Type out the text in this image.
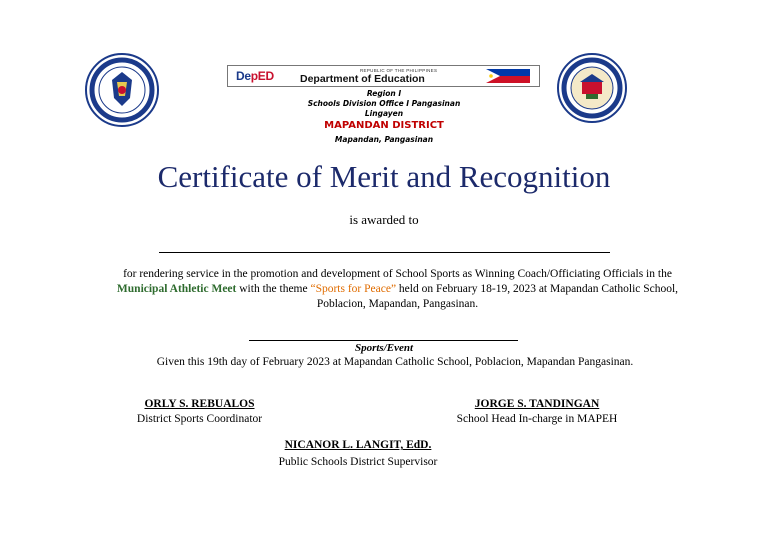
DepED	REPUBLIC OF THE PHILIPPINES
Department of Education
Region I
Schools Division Office I Pangasinan
Lingayen
MAPANDAN DISTRICT
Mapandan, Pangasinan
Certificate of Merit and Recognition
is awarded to
for rendering service in the promotion and development of School Sports as Winning Coach/Officiating Officials in the Municipal Athletic Meet with the theme “Sports for Peace” held on February 18-19, 2023 at Mapandan Catholic School, Poblacion, Mapandan, Pangasinan.
Sports/Event
Given this 19th day of February 2023 at Mapandan Catholic School, Poblacion, Mapandan Pangasinan.
ORLY S. REBUALOS
District Sports Coordinator
JORGE S. TANDINGAN
School Head In-charge in MAPEH
NICANOR L. LANGIT, EdD.
Public Schools District Supervisor
